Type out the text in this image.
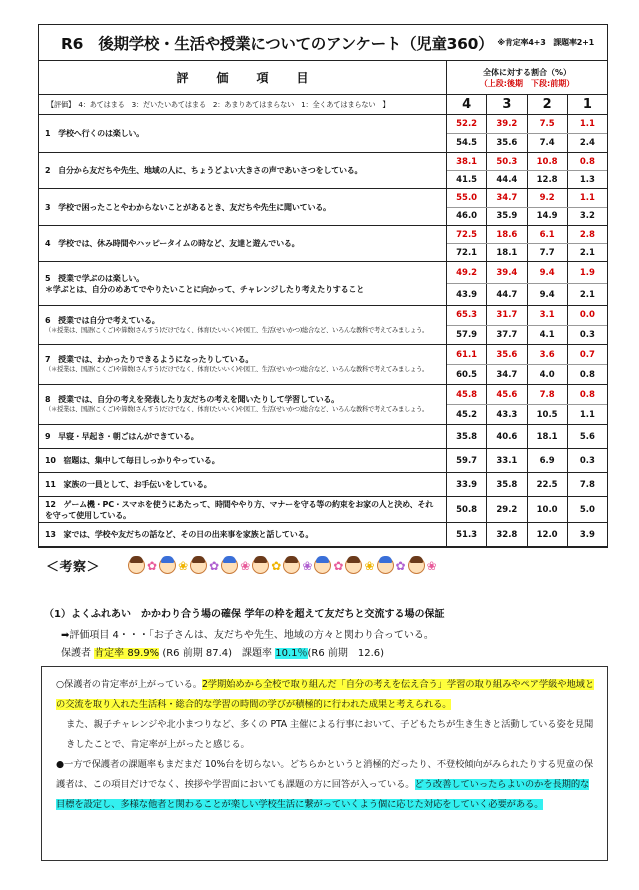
R6　後期学校・生活や授業についてのアンケート（児童360） ※肯定率4+3　課題率2+1
評 価 項 目	全体に対する割合（%）
（上段:後期　下段:前期）
【評価】　4：あてはまる　3：だいたいあてはまる　2：あまりあてはまらない　1：全くあてはまらない　】	4	3	2	1
1　学校へ行くのは楽しい。
52.2	39.2	7.5	1.1
54.5	35.6	7.4	2.4
2　自分から友だちや先生、地域の人に、ちょうどよい大きさの声であいさつをしている。
38.1	50.3	10.8	0.8
41.5	44.4	12.8	1.3
3　学校で困ったことやわからないことがあるとき、友だちや先生に聞いている。
55.0	34.7	9.2	1.1
46.0	35.9	14.9	3.2
4　学校では、休み時間やハッピータイムの時など、友達と遊んでいる。
72.5	18.6	6.1	2.8
72.1	18.1	7.7	2.1
5　授業で学ぶのは楽しい。
＊学ぶとは、自分のめあてでやりたいことに向かって、チャレンジしたり考えたりすること
49.2	39.4	9.4	1.9
43.9	44.7	9.4	2.1
6　授業では自分で考えている。
（＊授業は、国語(こくご)や算数(さんすう)だけでなく、体育(たいいく)や図工、生活(せいかつ)総合など、いろんな教科で考えてみましょう。
65.3	31.7	3.1	0.0
57.9	37.7	4.1	0.3
7　授業では、わかったりできるようになったりしている。
（＊授業は、国語(こくご)や算数(さんすう)だけでなく、体育(たいいく)や図工、生活(せいかつ)総合など、いろんな教科で考えてみましょう。
61.1	35.6	3.6	0.7
60.5	34.7	4.0	0.8
8　授業では、自分の考えを発表したり友だちの考えを聞いたりして学習している。
（＊授業は、国語(こくご)や算数(さんすう)だけでなく、体育(たいいく)や図工、生活(せいかつ)総合など、いろんな教科で考えてみましょう。
45.8	45.6	7.8	0.8
45.2	43.3	10.5	1.1
9　早寝・早起き・朝ごはんができている。	35.8	40.6	18.1	5.6
10　宿題は、集中して毎日しっかりやっている。	59.7	33.1	6.9	0.3
11　家族の一員として、お手伝いをしている。	33.9	35.8	22.5	7.8
12　ゲーム機・PC・スマホを使うにあたって、時間ややり方、マナーを守る等の約束をお家の人と決め、それを守って使用している。
50.8	29.2	10.0	5.0
13　家では、学校や友だちの話など、その日の出来事を家族と話している。	51.3	32.8	12.0	3.9
＜考察＞	✿ ❀ ✿ ❀ ✿ ❀ ✿ ❀ ✿ ❀
（1）よくふれあい　かかわり合う場の確保 学年の枠を超えて友だちと交流する場の保証
➡評価項目 4・・・「お子さんは、友だちや先生、地域の方々と関わり合っている。
保護者 肯定率 89.9% (R6 前期 87.4)　課題率 10.1％(R6 前期　12.6)

○保護者の肯定率が上がっている。2学期始めから全校で取り組んだ「自分の考えを伝え合う」学習の取り組みやペア学級や地域との交流を取り入れた生活科・総合的な学習の時間の学びが積極的に行われた成果と考えられる。

また、親子チャレンジや北小まつりなど、多くの PTA 主催による行事において、子どもたちが生き生きと活動している姿を見聞きしたことで、肯定率が上がったと感じる。

●一方で保護者の課題率もまだまだ 10%台を切らない。どちらかというと消極的だったり、不登校傾向がみられたりする児童の保護者は、この項目だけでなく、挨拶や学習面においても課題の方に回答が入っている。どう改善していったらよいのかを長期的な目標を設定し、多様な他者と関わることが楽しい学校生活に繋がっていくよう個に応じた対応をしていく必要がある。
